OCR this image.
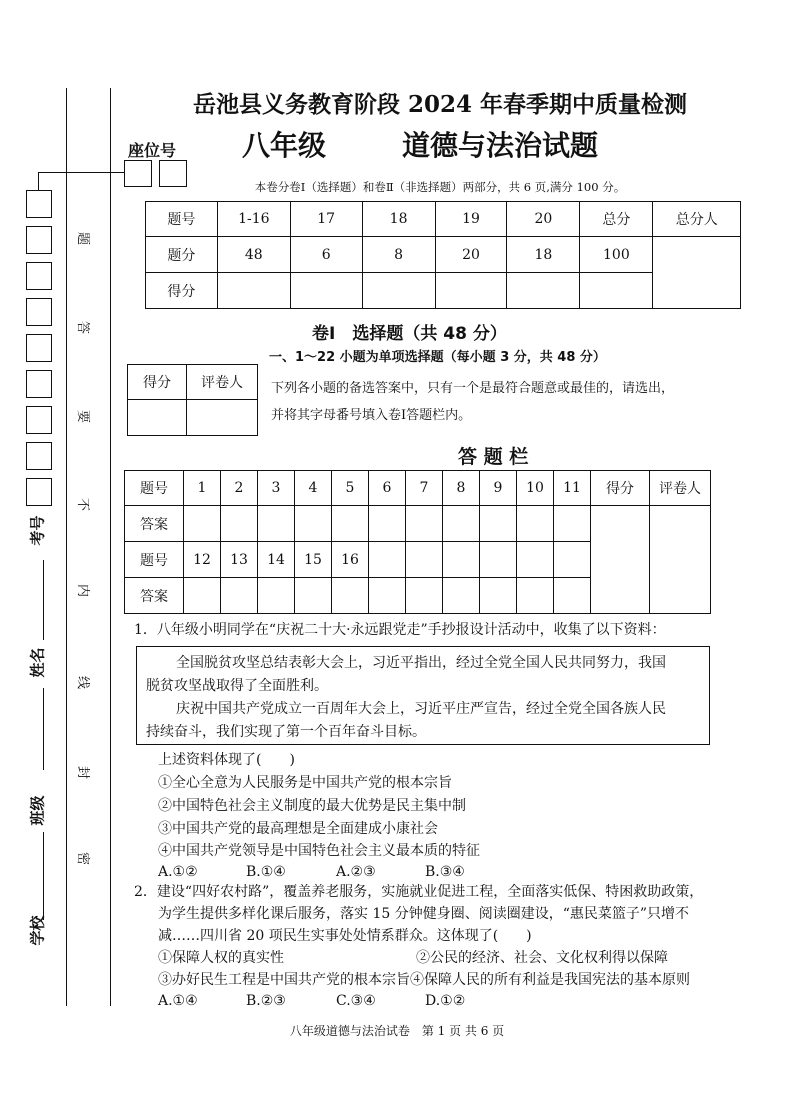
题
答
要
不
内
线
封
密
考号
姓名
班级
学校
岳池县义务教育阶段 2024 年春季期中质量检测
座位号 八年级	道德与法治试题
本卷分卷Ⅰ（选择题）和卷Ⅱ（非选择题）两部分，共 6 页,满分 100 分。
题号	1-16	17	18	19	20	总分	总分人
题分	48	6	8	20	18	100	
得分							
卷Ⅰ　选择题（共 48 分）
得分	评卷人

一、1～22 小题为单项选择题（每小题 3 分，共 48 分）
下列各小题的备选答案中，只有一个是最符合题意或最佳的，请选出，
并将其字母番号填入卷Ⅰ答题栏内。
答 题 栏
题号	1	2	3	4	5	6	7	8	9	10	11	得分	评卷人
答案													
题号	12	13	14	15	16								
答案													
1．八年级小明同学在“庆祝二十大·永远跟党走”手抄报设计活动中，收集了以下资料：
全国脱贫攻坚总结表彰大会上，习近平指出，经过全党全国人民共同努力，我国
脱贫攻坚战取得了全面胜利。
庆祝中国共产党成立一百周年大会上，习近平庄严宣告，经过全党全国各族人民
持续奋斗，我们实现了第一个百年奋斗目标。
上述资料体现了(　　)
①全心全意为人民服务是中国共产党的根本宗旨
②中国特色社会主义制度的最大优势是民主集中制
③中国共产党的最高理想是全面建成小康社会
④中国共产党领导是中国特色社会主义最本质的特征
A.①②	B.①④	A.②③	B.③④
2．建设“四好农村路”，覆盖养老服务，实施就业促进工程，全面落实低保、特困救助政策，
为学生提供多样化课后服务，落实 15 分钟健身圈、阅读圈建设，“惠民菜篮子”只增不
减……四川省 20 项民生实事处处情系群众。这体现了(　　)
①保障人权的真实性	②公民的经济、社会、文化权利得以保障
③办好民生工程是中国共产党的根本宗旨④保障人民的所有利益是我国宪法的基本原则
A.①④	B.②③	C.③④	D.①②
八年级道德与法治试卷　第 1 页 共 6 页
